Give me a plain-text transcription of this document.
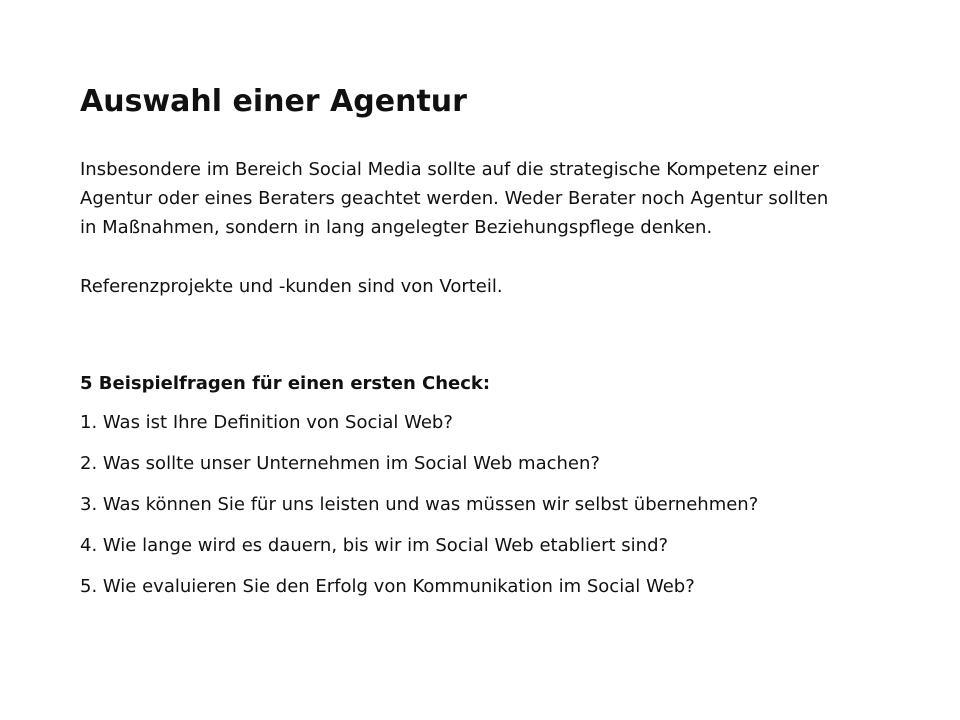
Auswahl einer Agentur

Insbesondere im Bereich Social Media sollte auf die strategische Kompetenz einer
Agentur oder eines Beraters geachtet werden. Weder Berater noch Agentur sollten
in Maßnahmen, sondern in lang angelegter Beziehungspflege denken.

Referenzprojekte und -kunden sind von Vorteil.

5 Beispielfragen für einen ersten Check:

1. Was ist Ihre Definition von Social Web?
2. Was sollte unser Unternehmen im Social Web machen?
3. Was können Sie für uns leisten und was müssen wir selbst übernehmen?
4. Wie lange wird es dauern, bis wir im Social Web etabliert sind?
5. Wie evaluieren Sie den Erfolg von Kommunikation im Social Web?
